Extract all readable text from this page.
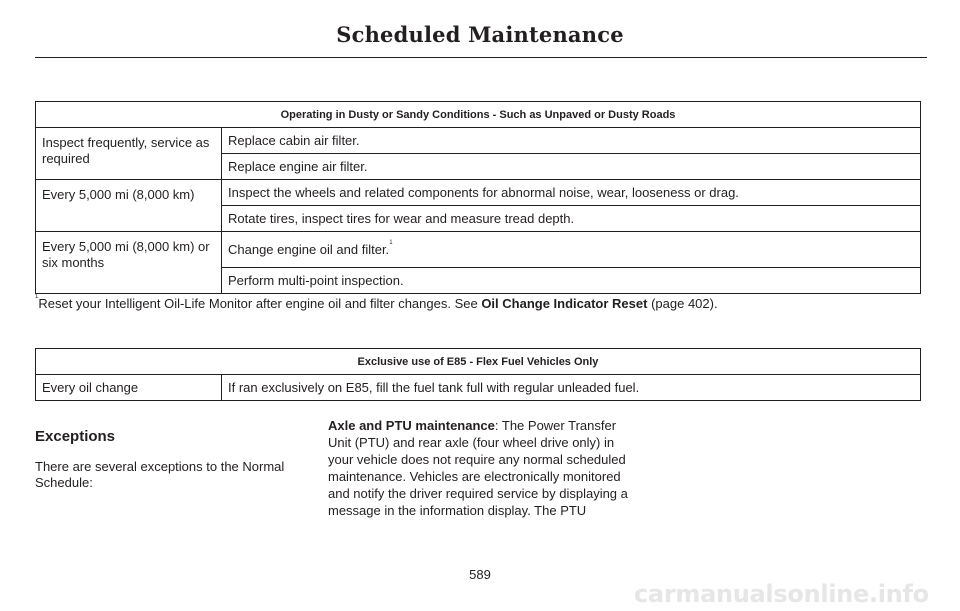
Scheduled Maintenance
Operating in Dusty or Sandy Conditions - Such as Unpaved or Dusty Roads	
Inspect frequently, service as required	Replace cabin air filter.
	Replace engine air filter.
Every 5,000 mi (8,000 km)	Inspect the wheels and related components for abnormal noise, wear, looseness or drag.
	Rotate tires, inspect tires for wear and measure tread depth.
Every 5,000 mi (8,000 km) or six months	Change engine oil and filter.$^1$
	Perform multi-point inspection.
$^1$Reset your Intelligent Oil-Life Monitor after engine oil and filter changes. See Oil Change Indicator Reset (page 402).
Exclusive use of E85 - Flex Fuel Vehicles Only
Every oil change	If ran exclusively on E85, fill the fuel tank full with regular unleaded fuel.
Exceptions
There are several exceptions to the Normal Schedule:
Axle and PTU maintenance: The Power Transfer Unit (PTU) and rear axle (four wheel drive only) in your vehicle does not require any normal scheduled maintenance. Vehicles are electronically monitored and notify the driver required service by displaying a message in the information display. The PTU
589
carmanualsonline.info
